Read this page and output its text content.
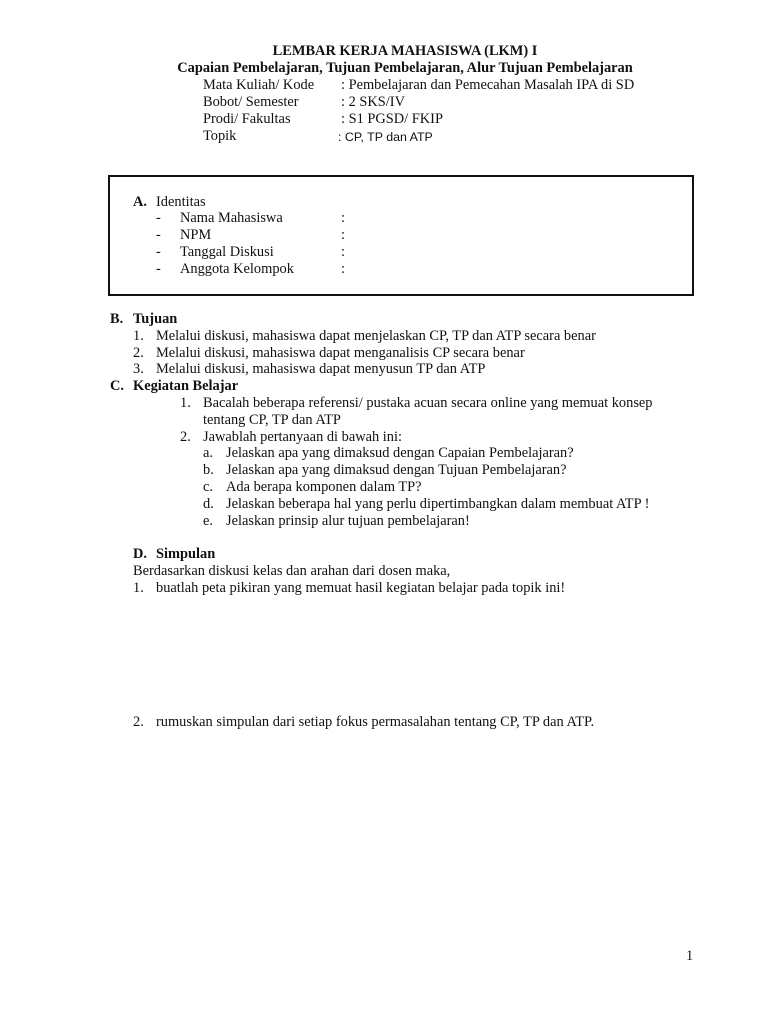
LEMBAR KERJA MAHASISWA (LKM) I
Capaian Pembelajaran, Tujuan Pembelajaran, Alur Tujuan Pembelajaran
Mata Kuliah/ Kode : Pembelajaran dan Pemecahan Masalah IPA di SD
Bobot/ Semester	: 2 SKS/IV
Prodi/ Fakultas	: S1 PGSD/ FKIP
Topik	: CP, TP dan ATP
A. Identitas
- Nama Mahasiswa	:
- NPM	:
- Tanggal Diskusi	:
- Anggota Kelompok	:
B. Tujuan
1. Melalui diskusi, mahasiswa dapat menjelaskan CP, TP dan ATP secara benar
2. Melalui diskusi, mahasiswa dapat menganalisis CP secara benar
3. Melalui diskusi, mahasiswa dapat menyusun TP dan ATP
C. Kegiatan Belajar
1. Bacalah beberapa referensi/ pustaka acuan secara online yang memuat konsep
tentang CP, TP dan ATP
2. Jawablah pertanyaan di bawah ini:
a. Jelaskan apa yang dimaksud dengan Capaian Pembelajaran?
b. Jelaskan apa yang dimaksud dengan Tujuan Pembelajaran?
c. Ada berapa komponen dalam TP?
d. Jelaskan beberapa hal yang perlu dipertimbangkan dalam membuat ATP !
e. Jelaskan prinsip alur tujuan pembelajaran!
D. Simpulan
Berdasarkan diskusi kelas dan arahan dari dosen maka,
1. buatlah peta pikiran yang memuat hasil kegiatan belajar pada topik ini!
2. rumuskan simpulan dari setiap fokus permasalahan tentang CP, TP dan ATP.
1
